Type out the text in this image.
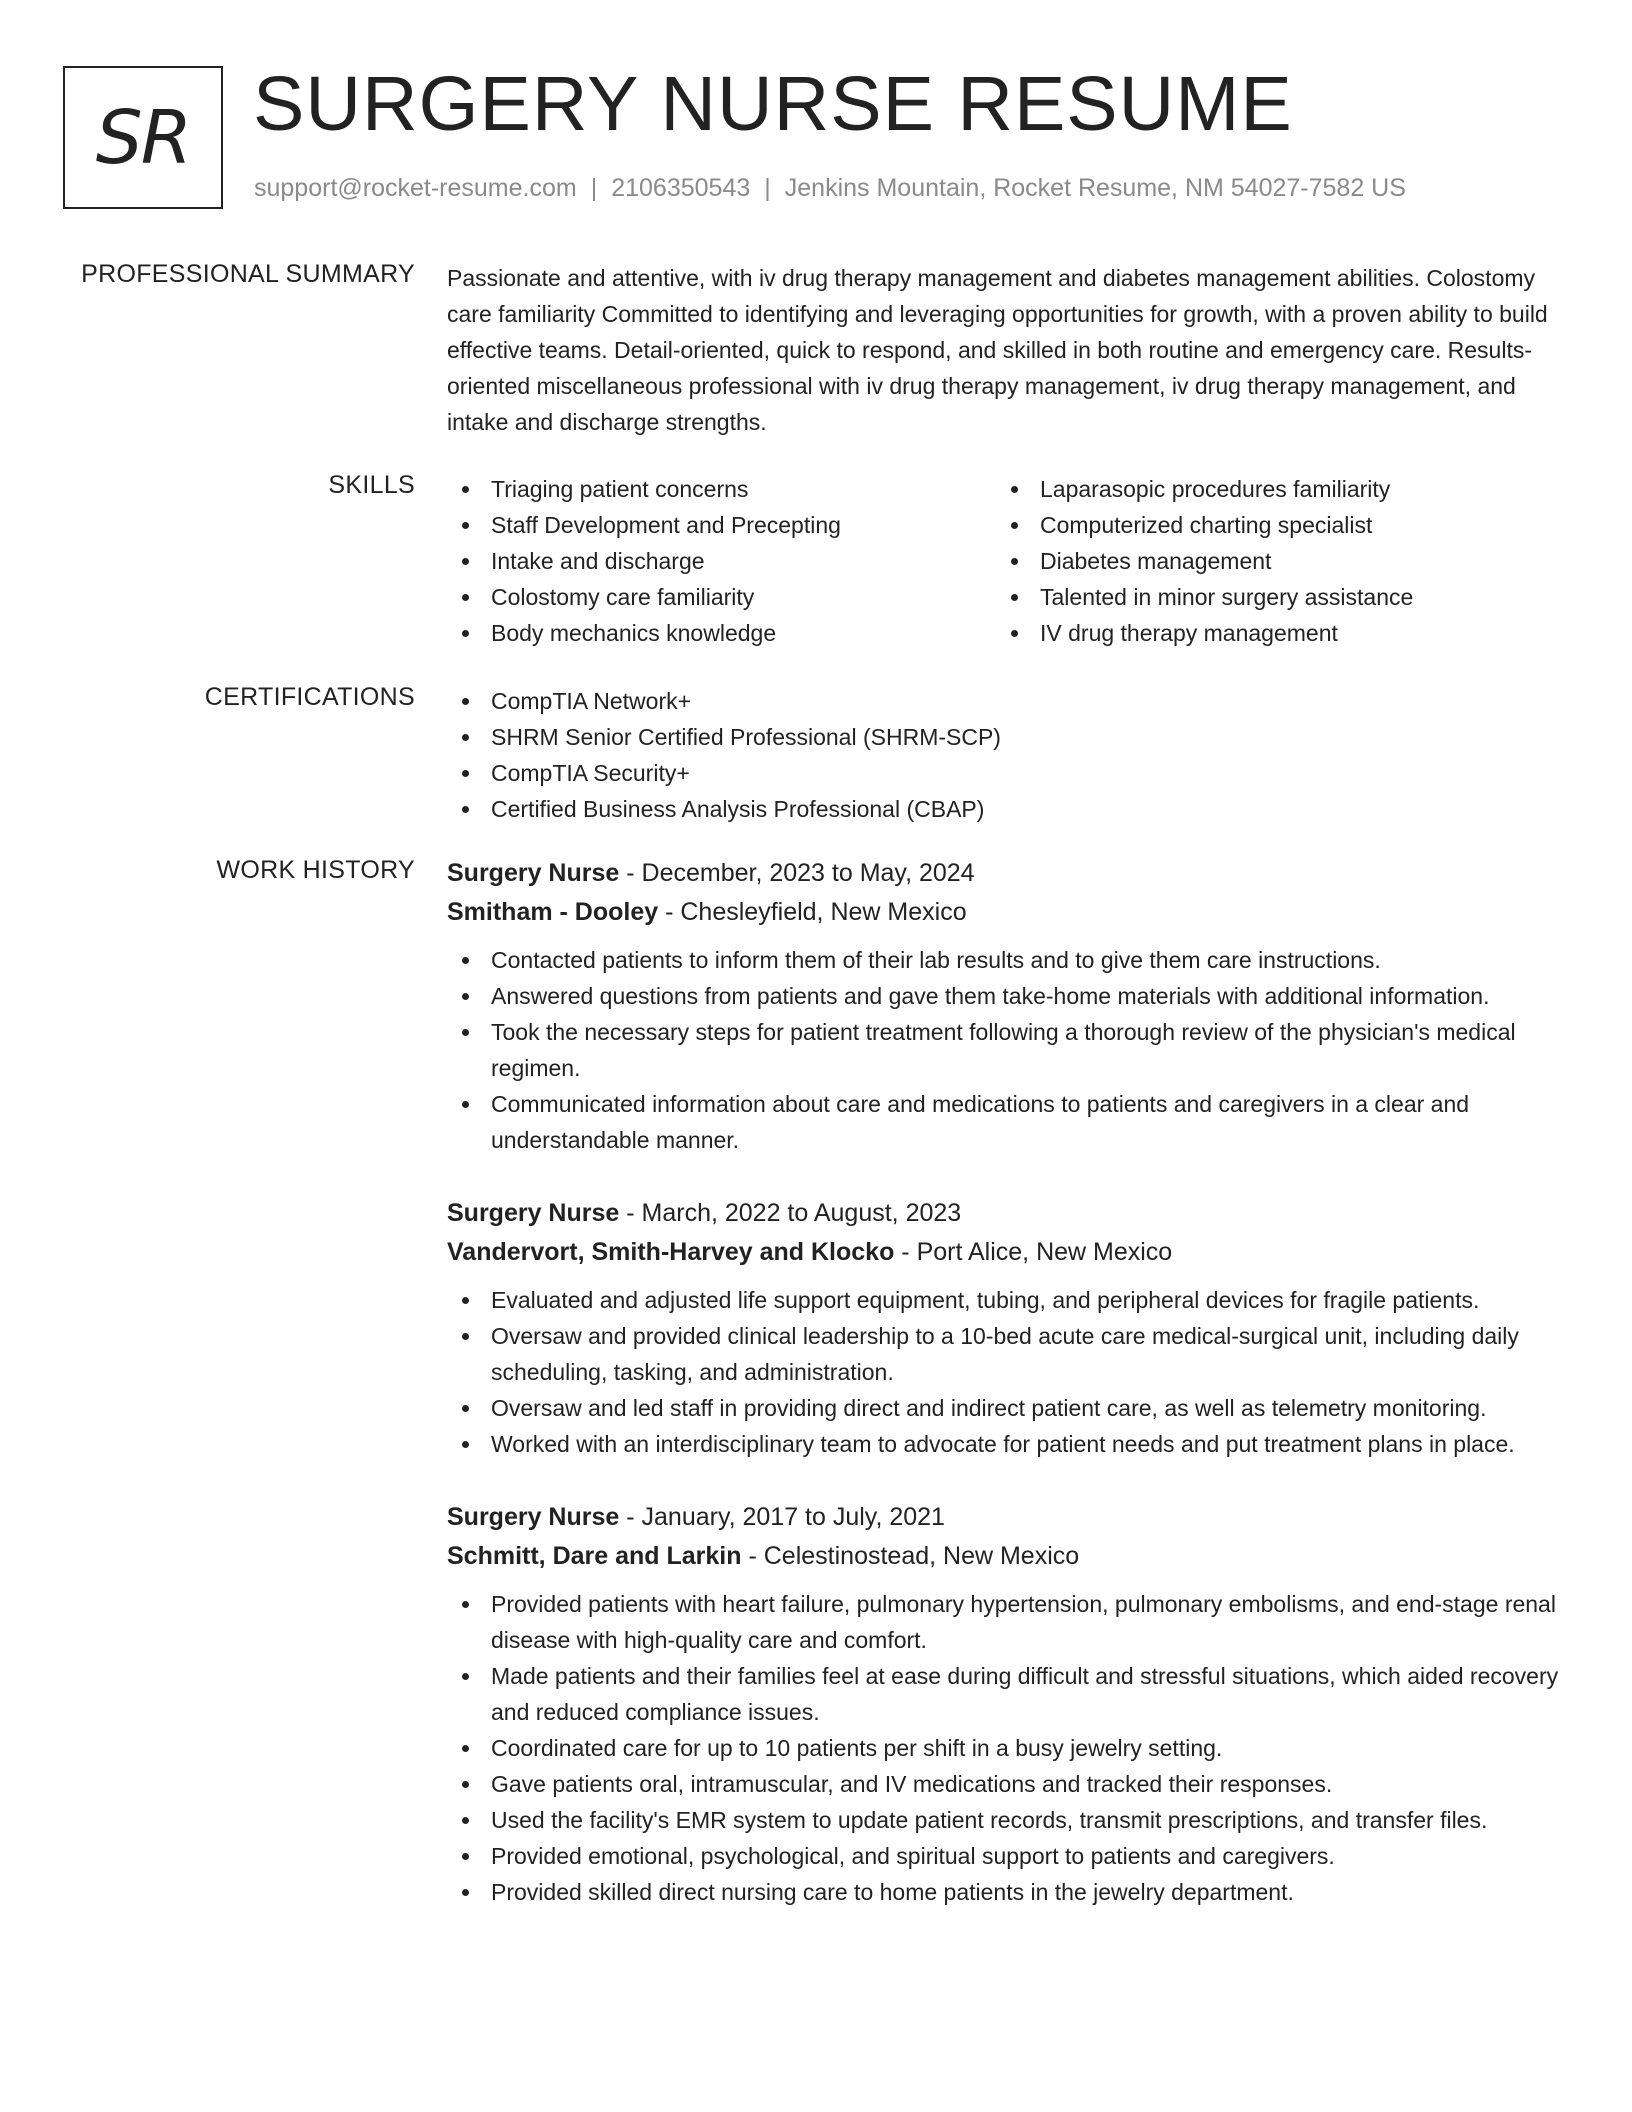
SR SURGERY NURSE RESUME
support@rocket-resume.com | 2106350543 | Jenkins Mountain, Rocket Resume, NM 54027-7582 US
PROFESSIONAL SUMMARY Passionate and attentive, with iv drug therapy management and diabetes management abilities. Colostomy care familiarity Committed to identifying and leveraging opportunities for growth, with a proven ability to build effective teams. Detail-oriented, quick to respond, and skilled in both routine and emergency care. Results-oriented miscellaneous professional with iv drug therapy management, iv drug therapy management, and intake and discharge strengths.
SKILLS	Triaging patient concerns
Staff Development and Precepting
Intake and discharge
Colostomy care familiarity
Body mechanics knowledge
Laparasopic procedures familiarity
Computerized charting specialist
Diabetes management
Talented in minor surgery assistance
IV drug therapy management
CERTIFICATIONS	CompTIA Network+
SHRM Senior Certified Professional (SHRM-SCP)
CompTIA Security+
Certified Business Analysis Professional (CBAP)
WORK HISTORY Surgery Nurse - December, 2023 to May, 2024
Smitham - Dooley - Chesleyfield, New Mexico
Contacted patients to inform them of their lab results and to give them care instructions.
Answered questions from patients and gave them take-home materials with additional information.
Took the necessary steps for patient treatment following a thorough review of the physician's medical regimen.
Communicated information about care and medications to patients and caregivers in a clear and understandable manner.
Surgery Nurse - March, 2022 to August, 2023
Vandervort, Smith-Harvey and Klocko - Port Alice, New Mexico
Evaluated and adjusted life support equipment, tubing, and peripheral devices for fragile patients.
Oversaw and provided clinical leadership to a 10-bed acute care medical-surgical unit, including daily scheduling, tasking, and administration.
Oversaw and led staff in providing direct and indirect patient care, as well as telemetry monitoring.
Worked with an interdisciplinary team to advocate for patient needs and put treatment plans in place.
Surgery Nurse - January, 2017 to July, 2021
Schmitt, Dare and Larkin - Celestinostead, New Mexico
Provided patients with heart failure, pulmonary hypertension, pulmonary embolisms, and end-stage renal disease with high-quality care and comfort.
Made patients and their families feel at ease during difficult and stressful situations, which aided recovery and reduced compliance issues.
Coordinated care for up to 10 patients per shift in a busy jewelry setting.
Gave patients oral, intramuscular, and IV medications and tracked their responses.
Used the facility's EMR system to update patient records, transmit prescriptions, and transfer files.
Provided emotional, psychological, and spiritual support to patients and caregivers.
Provided skilled direct nursing care to home patients in the jewelry department.
